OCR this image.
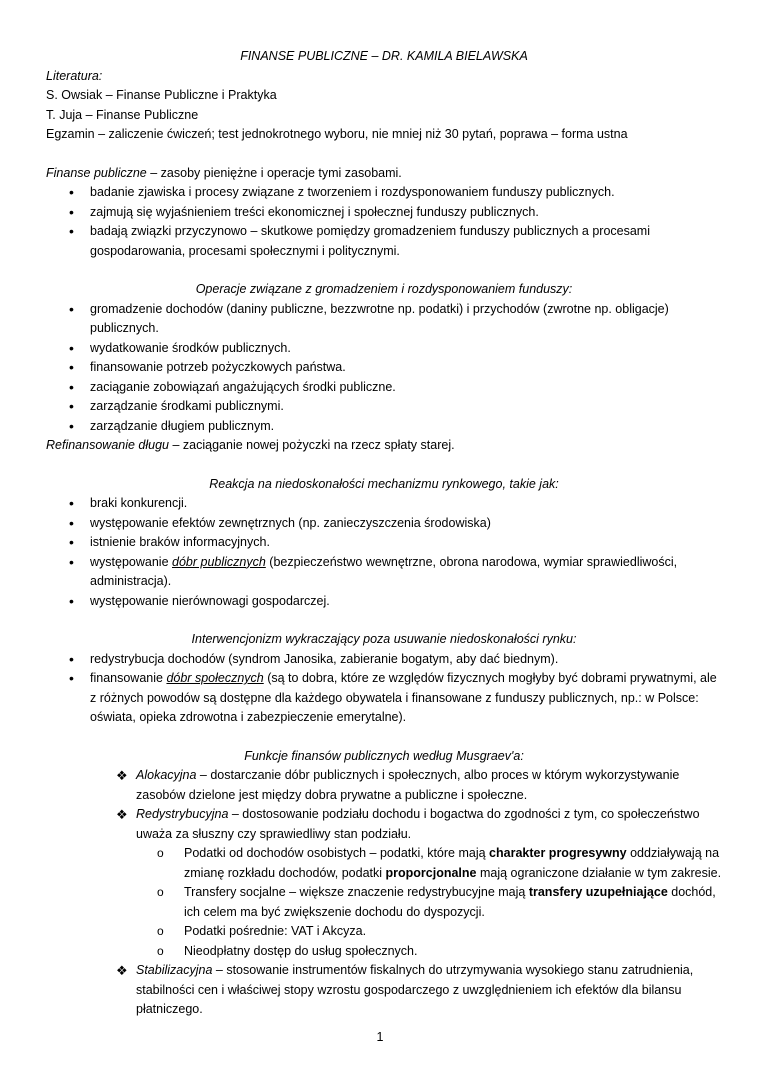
FINANSE PUBLICZNE – DR. KAMILA BIELAWSKA

Literatura:

S. Owsiak – Finanse Publiczne i Praktyka

T. Juja – Finanse Publiczne

Egzamin – zaliczenie ćwiczeń; test jednokrotnego wyboru, nie mniej niż 30 pytań, poprawa – forma ustna

Finanse publiczne – zasoby pieniężne i operacje tymi zasobami.

• badanie zjawiska i procesy związane z tworzeniem i rozdysponowaniem funduszy publicznych.
• zajmują się wyjaśnieniem treści ekonomicznej i społecznej funduszy publicznych.
• badają związki przyczynowo – skutkowe pomiędzy gromadzeniem funduszy publicznych a procesami gospodarowania, procesami społecznymi i politycznymi.

Operacje związane z gromadzeniem i rozdysponowaniem funduszy:

• gromadzenie dochodów (daniny publiczne, bezzwrotne np. podatki) i przychodów (zwrotne np. obligacje) publicznych.
• wydatkowanie środków publicznych.
• finansowanie potrzeb pożyczkowych państwa.
• zaciąganie zobowiązań angażujących środki publiczne.
• zarządzanie środkami publicznymi.
• zarządzanie długiem publicznym.

Refinansowanie długu – zaciąganie nowej pożyczki na rzecz spłaty starej.

Reakcja na niedoskonałości mechanizmu rynkowego, takie jak:

• braki konkurencji.
• występowanie efektów zewnętrznych (np. zanieczyszczenia środowiska)
• istnienie braków informacyjnych.
• występowanie dóbr publicznych (bezpieczeństwo wewnętrzne, obrona narodowa, wymiar sprawiedliwości, administracja).
• występowanie nierównowagi gospodarczej.

Interwencjonizm wykraczający poza usuwanie niedoskonałości rynku:

• redystrybucja dochodów (syndrom Janosika, zabieranie bogatym, aby dać biednym).
• finansowanie dóbr społecznych (są to dobra, które ze względów fizycznych mogłyby być dobrami prywatnymi, ale z różnych powodów są dostępne dla każdego obywatela i finansowane z funduszy publicznych, np.: w Polsce: oświata, opieka zdrowotna i zabezpieczenie emerytalne).

Funkcje finansów publicznych według Musgraev'a:

❖ Alokacyjna – dostarczanie dóbr publicznych i społecznych, albo proces w którym wykorzystywanie zasobów dzielone jest między dobra prywatne a publiczne i społeczne.
❖ Redystrybucyjna – dostosowanie podziału dochodu i bogactwa do zgodności z tym, co społeczeństwo uważa za słuszny czy sprawiedliwy stan podziału.
o Podatki od dochodów osobistych – podatki, które mają charakter progresywny oddziaływają na zmianę rozkładu dochodów, podatki proporcjonalne mają ograniczone działanie w tym zakresie.
o Transfery socjalne – większe znaczenie redystrybucyjne mają transfery uzupełniające dochód, ich celem ma być zwiększenie dochodu do dyspozycji.
o Podatki pośrednie: VAT i Akcyza.
o Nieodpłatny dostęp do usług społecznych.
❖ Stabilizacyjna – stosowanie instrumentów fiskalnych do utrzymywania wysokiego stanu zatrudnienia, stabilności cen i właściwej stopy wzrostu gospodarczego z uwzględnieniem ich efektów dla bilansu płatniczego.
1
